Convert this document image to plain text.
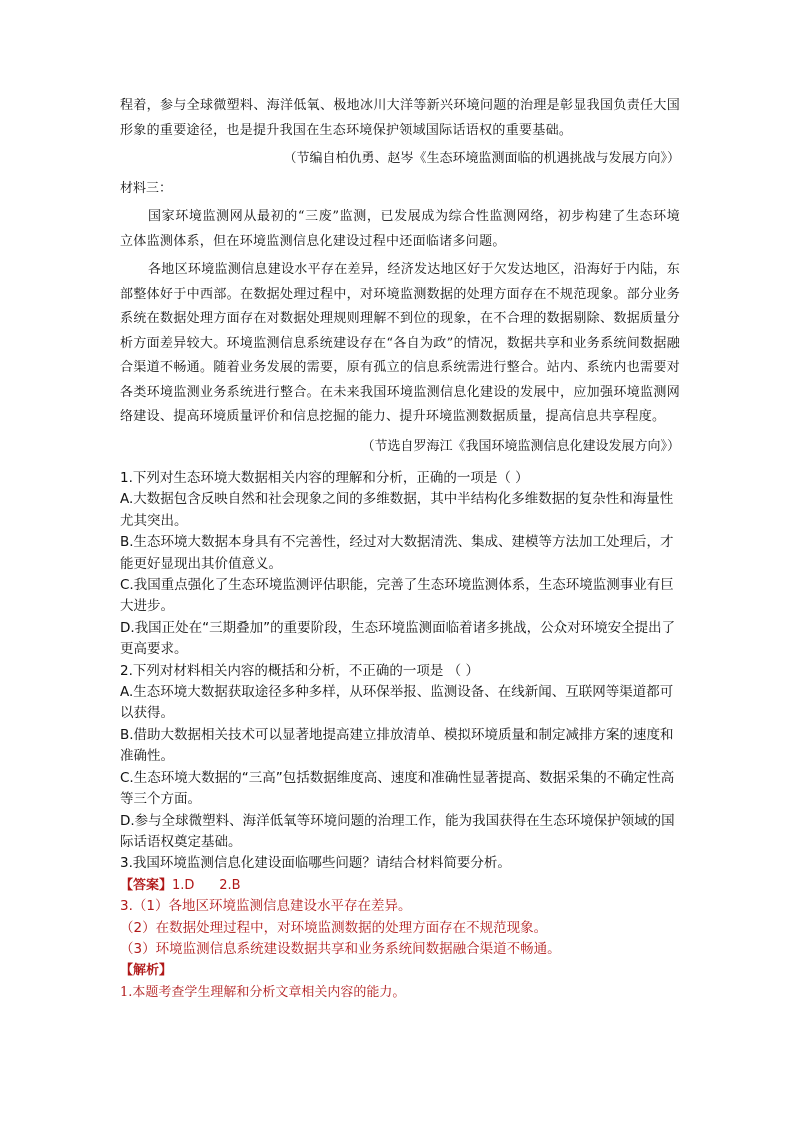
程着，参与全球微塑料、海洋低氧、极地冰川大洋等新兴环境问题的治理是彰显我国负责任大国形象的重要途径，也是提升我国在生态环境保护领域国际话语权的重要基础。

（节编自柏仇勇、赵岑《生态环境监测面临的机遇挑战与发展方向》）

材料三：

国家环境监测网从最初的“三废”监测，已发展成为综合性监测网络，初步构建了生态环境立体监测体系，但在环境监测信息化建设过程中还面临诸多问题。

各地区环境监测信息建设水平存在差异，经济发达地区好于欠发达地区，沿海好于内陆，东部整体好于中西部。在数据处理过程中，对环境监测数据的处理方面存在不规范现象。部分业务系统在数据处理方面存在对数据处理规则理解不到位的现象，在不合理的数据剔除、数据质量分析方面差异较大。环境监测信息系统建设存在“各自为政”的情况，数据共享和业务系统间数据融合渠道不畅通。随着业务发展的需要，原有孤立的信息系统需进行整合。站内、系统内也需要对各类环境监测业务系统进行整合。在未来我国环境监测信息化建设的发展中，应加强环境监测网络建设、提高环境质量评价和信息挖掘的能力、提升环境监测数据质量，提高信息共享程度。

（节选自罗海江《我国环境监测信息化建设发展方向》）

1.下列对生态环境大数据相关内容的理解和分析，正确的一项是（ ）

A.大数据包含反映自然和社会现象之间的多维数据，其中半结构化多维数据的复杂性和海量性尤其突出。

B.生态环境大数据本身具有不完善性，经过对大数据清洗、集成、建模等方法加工处理后，才能更好显现出其价值意义。

C.我国重点强化了生态环境监测评估职能，完善了生态环境监测体系，生态环境监测事业有巨大进步。

D.我国正处在“三期叠加”的重要阶段，生态环境监测面临着诸多挑战，公众对环境安全提出了更高要求。

2.下列对材料相关内容的概括和分析，不正确的一项是 （ ）

A.生态环境大数据获取途径多种多样，从环保举报、监测设备、在线新闻、互联网等渠道都可以获得。

B.借助大数据相关技术可以显著地提高建立排放清单、模拟环境质量和制定减排方案的速度和准确性。

C.生态环境大数据的“三高”包括数据维度高、速度和准确性显著提高、数据采集的不确定性高等三个方面。

D.参与全球微塑料、海洋低氧等环境问题的治理工作，能为我国获得在生态环境保护领域的国际话语权奠定基础。

3.我国环境监测信息化建设面临哪些问题？请结合材料简要分析。

【答案】1.D      2.B

3.（1）各地区环境监测信息建设水平存在差异。

（2）在数据处理过程中，对环境监测数据的处理方面存在不规范现象。

（3）环境监测信息系统建设数据共享和业务系统间数据融合渠道不畅通。

【解析】

1.本题考查学生理解和分析文章相关内容的能力。
